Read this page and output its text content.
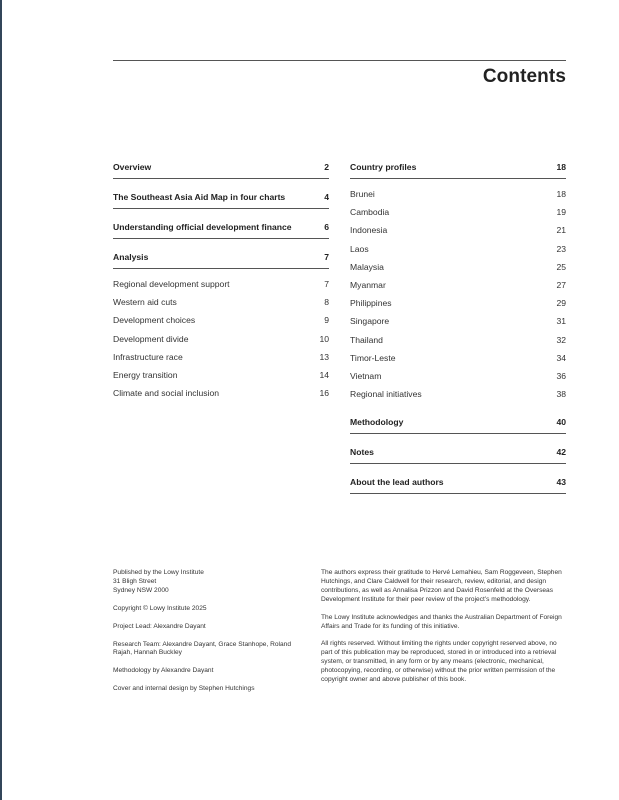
Contents
Overview	2
The Southeast Asia Aid Map in four charts	4
Understanding official development finance	6
Analysis	7
Regional development support	7
Western aid cuts	8
Development choices	9
Development divide	10
Infrastructure race	13
Energy transition	14
Climate and social inclusion	16
Country profiles	18
Brunei	18
Cambodia	19
Indonesia	21
Laos	23
Malaysia	25
Myanmar	27
Philippines	29
Singapore	31
Thailand	32
Timor-Leste	34
Vietnam	36
Regional initiatives	38
Methodology	40
Notes	42
About the lead authors	43
Published by the Lowy Institute
31 Bligh Street
Sydney NSW 2000
Copyright © Lowy Institute 2025
Project Lead: Alexandre Dayant
Research Team: Alexandre Dayant, Grace Stanhope, Roland Rajah, Hannah Buckley
Methodology by Alexandre Dayant
Cover and internal design by Stephen Hutchings
The authors express their gratitude to Hervé Lemahieu, Sam Roggeveen, Stephen Hutchings, and Clare Caldwell for their research, review, editorial, and design contributions, as well as Annalisa Prizzon and David Rosenfeld at the Overseas Development Institute for their peer review of the project’s methodology.
The Lowy Institute acknowledges and thanks the Australian Department of Foreign Affairs and Trade for its funding of this initiative.
All rights reserved. Without limiting the rights under copyright reserved above, no part of this publication may be reproduced, stored in or introduced into a retrieval system, or transmitted, in any form or by any means (electronic, mechanical, photocopying, recording, or otherwise) without the prior written permission of the copyright owner and above publisher of this book.
